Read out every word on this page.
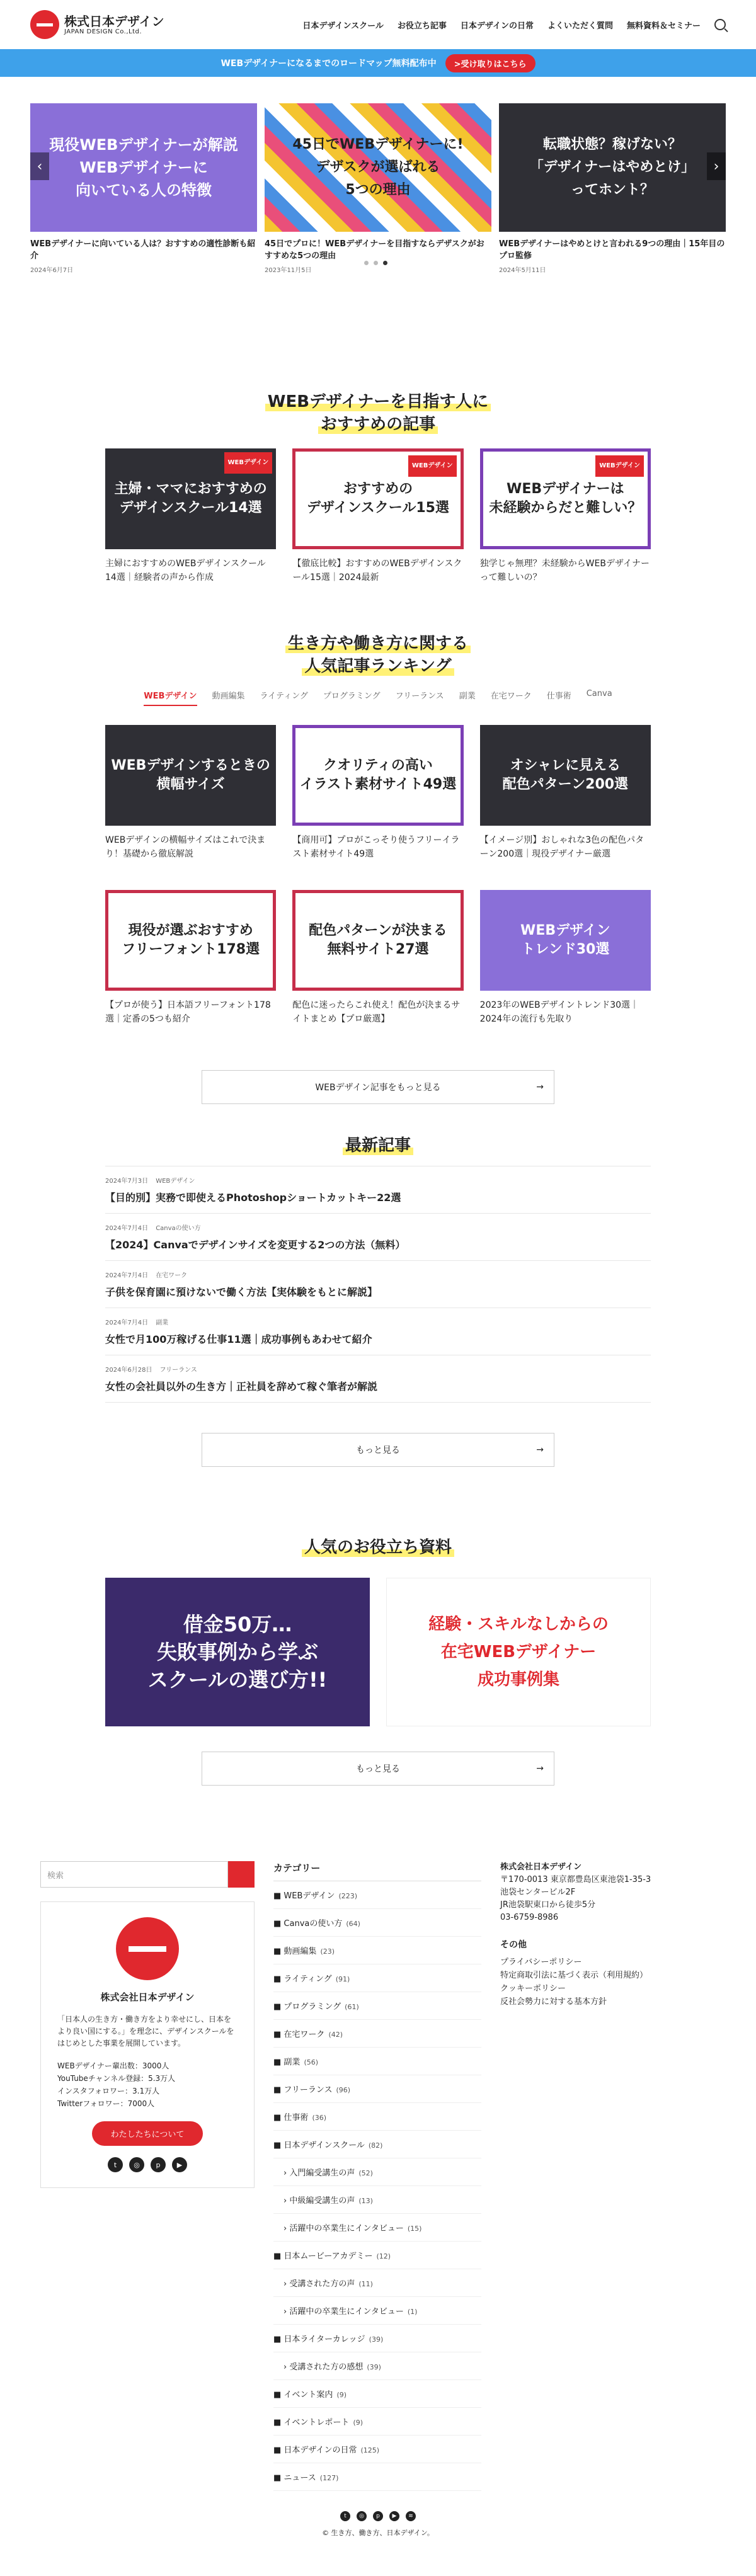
株式日本デザイン
JAPAN DESIGN Co.,Ltd.
日本デザインスクール お役立ち記事 日本デザインの日常 よくいただく質問 無料資料＆セミナー
WEBデザイナーになるまでのロードマップ無料配布中	>受け取りはこちら
現役WEBデザイナーが解説
WEBデザイナーに
向いている人の特徴
WEBデザイナーに向いている人は？おすすめの適性診断も紹介
2024年6月7日
45日でWEBデザイナーに!
デザスクが選ばれる
5つの理由
45日でプロに！WEBデザイナーを目指すならデザスクがおすすめな5つの理由
2023年11月5日
転職状態？稼げない？
「デザイナーはやめとけ」
ってホント？
WEBデザイナーはやめとけと言われる9つの理由｜15年目のプロ監修
2024年5月11日
‹	›
WEBデザイナーを目指す人に
おすすめの記事
主婦・ママにおすすめの
デザインスクール14選
WEBデザイン
主婦におすすめのWEBデザインスクール14選｜経験者の声から作成
おすすめの
デザインスクール15選
WEBデザイン
【徹底比較】おすすめのWEBデザインスクール15選｜2024最新
WEBデザイナーは
未経験からだと難しい？
WEBデザイン
独学じゃ無理？未経験からWEBデザイナーって難しいの？
生き方や働き方に関する
人気記事ランキング
WEBデザイン 動画編集 ライティング プログラミング フリーランス 副業 在宅ワーク 仕事術 Canva
WEBデザインするときの
横幅サイズ
WEBデザインの横幅サイズはこれで決まり！基礎から徹底解説
クオリティの高い
イラスト素材サイト49選
【商用可】プロがこっそり使うフリーイラスト素材サイト49選
オシャレに見える
配色パターン200選
【イメージ別】おしゃれな3色の配色パターン200選｜現役デザイナー厳選
現役が選ぶおすすめ
フリーフォント178選
【プロが使う】日本語フリーフォント178選｜定番の5つも紹介
配色パターンが決まる
無料サイト27選
配色に迷ったらこれ使え！配色が決まるサイトまとめ【プロ厳選】
WEBデザイン
トレンド30選
2023年のWEBデザイントレンド30選｜2024年の流行も先取り
WEBデザイン記事をもっと見る	→
最新記事
2024年7月3日 WEBデザイン
【目的別】実務で即使えるPhotoshopショートカットキー22選
2024年7月4日 Canvaの使い方
【2024】Canvaでデザインサイズを変更する2つの方法（無料）
2024年7月4日 在宅ワーク
子供を保育園に預けないで働く方法【実体験をもとに解説】
2024年7月4日 副業
女性で月100万稼げる仕事11選｜成功事例もあわせて紹介
2024年6月28日 フリーランス
女性の会社員以外の生き方｜正社員を辞めて稼ぐ筆者が解説
もっと見る	→
人気のお役立ち資料
借金50万…
失敗事例から学ぶ
スクールの選び方!!
経験・スキルなしからの
在宅WEBデザイナー
成功事例集
もっと見る	→
検索
株式会社日本デザイン
「日本人の生き方・働き方をより幸せにし、日本をより良い国にする。」を理念に、デザインスクールをはじめとした事業を展開しています。
WEBデザイナー輩出数：3000人
YouTubeチャンネル登録：5.3万人
インスタフォロワー：3.1万人
Twitterフォロワー：7000人
わたしたちについて
t	◎	p	▶
カテゴリー
■ WEBデザイン (223)
■ Canvaの使い方 (64)
■ 動画編集 (23)
■ ライティング (91)
■ プログラミング (61)
■ 在宅ワーク (42)
■ 副業 (56)
■ フリーランス (96)
■ 仕事術 (36)
■ 日本デザインスクール (82)
› 入門編受講生の声 (52)
› 中級編受講生の声 (13)
› 活躍中の卒業生にインタビュー (15)
■ 日本ムービーアカデミー (12)
› 受講された方の声 (11)
› 活躍中の卒業生にインタビュー (1)
■ 日本ライターカレッジ (39)
› 受講された方の感想 (39)
■ イベント案内 (9)
■ イベントレポート (9)
■ 日本デザインの日常 (125)
■ ニュース (127)
株式会社日本デザイン
〒170-0013 東京都豊島区東池袋1-35-3
池袋センタービル2F
JR池袋駅東口から徒歩5分
03-6759-8986
その他
プライバシーポリシー
特定商取引法に基づく表示（利用規約）
クッキーポリシー
反社会勢力に対する基本方針
t	◎	p	▶	≋
© 生き方、働き方、日本デザイン。
